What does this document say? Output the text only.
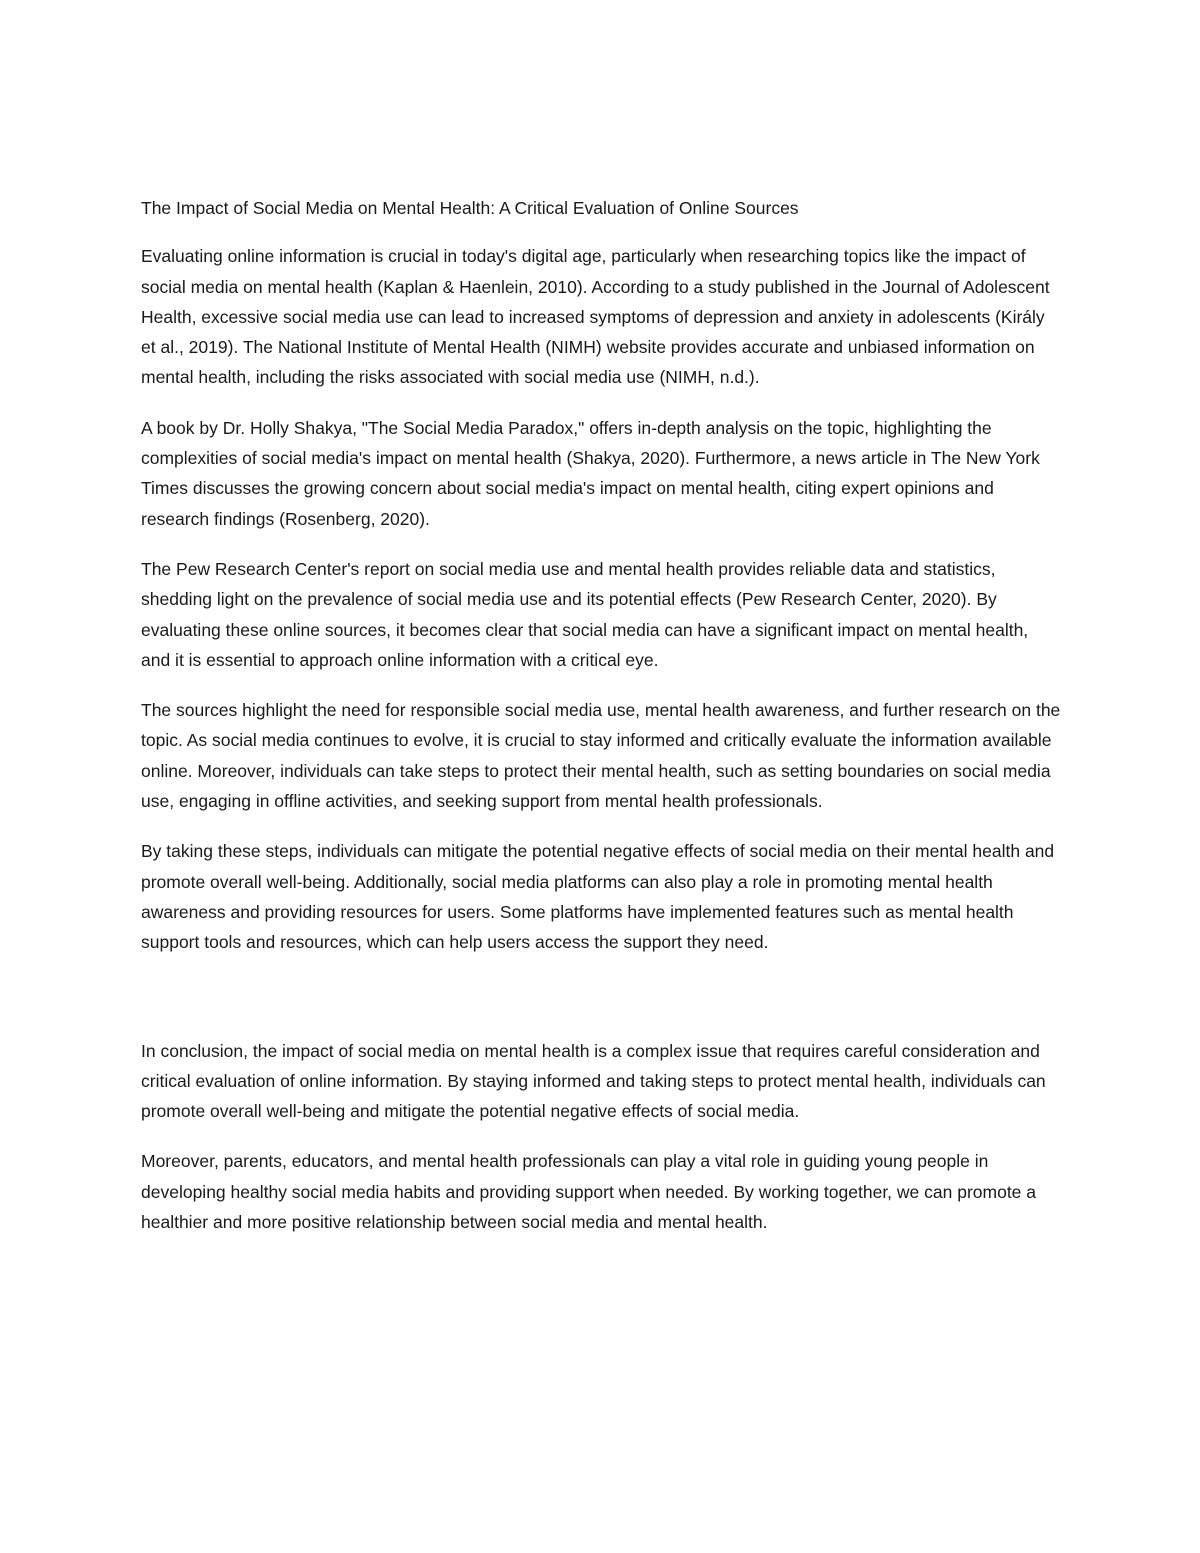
The Impact of Social Media on Mental Health: A Critical Evaluation of Online Sources

Evaluating online information is crucial in today's digital age, particularly when researching topics like the impact of social media on mental health (Kaplan & Haenlein, 2010). According to a study published in the Journal of Adolescent Health, excessive social media use can lead to increased symptoms of depression and anxiety in adolescents (Király et al., 2019). The National Institute of Mental Health (NIMH) website provides accurate and unbiased information on mental health, including the risks associated with social media use (NIMH, n.d.).

A book by Dr. Holly Shakya, "The Social Media Paradox," offers in-depth analysis on the topic, highlighting the complexities of social media's impact on mental health (Shakya, 2020). Furthermore, a news article in The New York Times discusses the growing concern about social media's impact on mental health, citing expert opinions and research findings (Rosenberg, 2020).

The Pew Research Center's report on social media use and mental health provides reliable data and statistics, shedding light on the prevalence of social media use and its potential effects (Pew Research Center, 2020). By evaluating these online sources, it becomes clear that social media can have a significant impact on mental health, and it is essential to approach online information with a critical eye.

The sources highlight the need for responsible social media use, mental health awareness, and further research on the topic. As social media continues to evolve, it is crucial to stay informed and critically evaluate the information available online. Moreover, individuals can take steps to protect their mental health, such as setting boundaries on social media use, engaging in offline activities, and seeking support from mental health professionals.

By taking these steps, individuals can mitigate the potential negative effects of social media on their mental health and promote overall well-being. Additionally, social media platforms can also play a role in promoting mental health awareness and providing resources for users. Some platforms have implemented features such as mental health support tools and resources, which can help users access the support they need.

In conclusion, the impact of social media on mental health is a complex issue that requires careful consideration and critical evaluation of online information. By staying informed and taking steps to protect mental health, individuals can promote overall well-being and mitigate the potential negative effects of social media.

Moreover, parents, educators, and mental health professionals can play a vital role in guiding young people in developing healthy social media habits and providing support when needed. By working together, we can promote a healthier and more positive relationship between social media and mental health.
